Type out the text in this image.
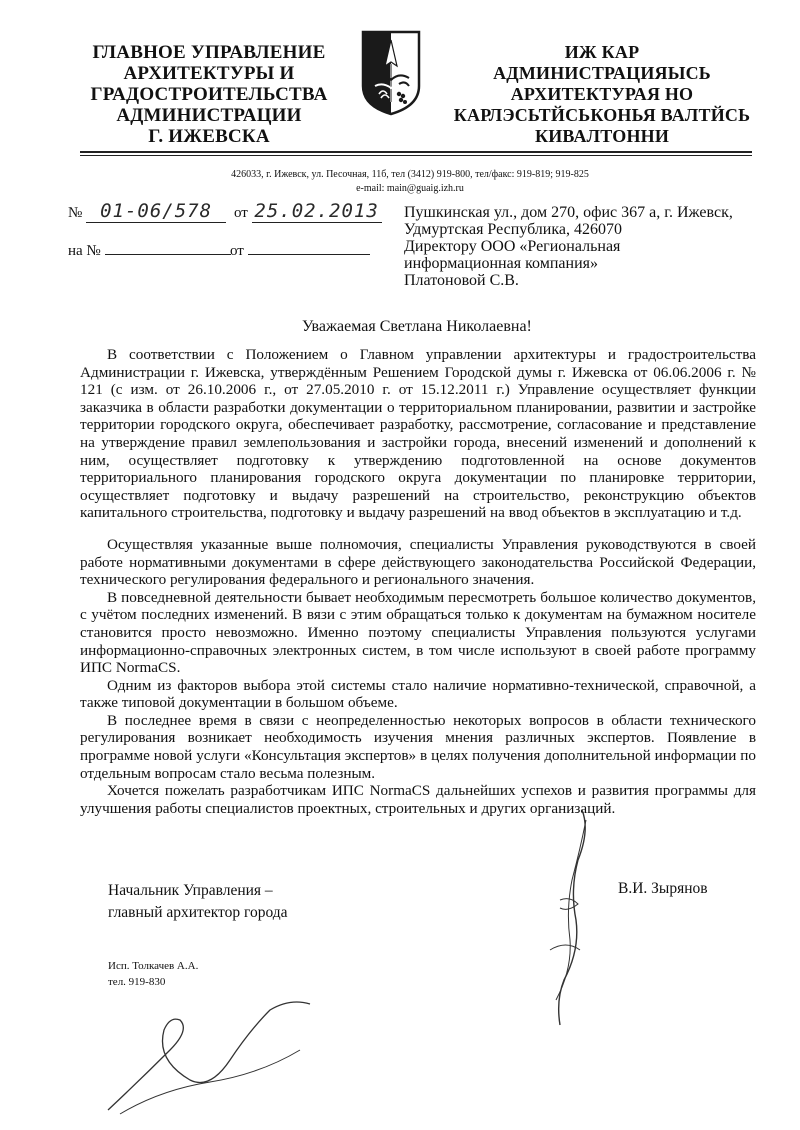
ГЛАВНОЕ УПРАВЛЕНИЕ
АРХИТЕКТУРЫ И
ГРАДОСТРОИТЕЛЬСТВА
АДМИНИСТРАЦИИ
Г. ИЖЕВСКА
ИЖ КАР
АДМИНИСТРАЦИЯЫСЬ
АРХИТЕКТУРАЯ НО
КАРЛЭСЬТЙСЬКОНЬЯ ВАЛТЙСЬ
КИВАЛТОННИ
426033, г. Ижевск, ул. Песочная, 11б, тел (3412) 919-800, тел/факс: 919-819; 919-825
e-mail: main@guaig.izh.ru
№ 01-06/578	от 25.02.2013
на №	от
Пушкинская ул., дом 270, офис 367 а, г. Ижевск,
Удмуртская Республика, 426070
Директору ООО «Региональная
информационная компания»
Платоновой С.В.
Уважаемая Светлана Николаевна!

В соответствии с Положением о Главном управлении архитектуры и градостроительства Администрации г. Ижевска, утверждённым Решением Городской думы г. Ижевска от 06.06.2006 г. № 121 (с изм. от 26.10.2006 г., от 27.05.2010 г. от 15.12.2011 г.) Управление осуществляет функции заказчика в области разработки документации о территориальном планировании, развитии и застройке территории городского округа, обеспечивает разработку, рассмотрение, согласование и представление на утверждение правил землепользования и застройки города, внесений изменений и дополнений к ним, осуществляет подготовку к утверждению подготовленной на основе документов территориального планирования городского округа документации по планировке территории, осуществляет подготовку и выдачу разрешений на строительство, реконструкцию объектов капитального строительства, подготовку и выдачу разрешений на ввод объектов в эксплуатацию и т.д.

Осуществляя указанные выше полномочия, специалисты Управления руководствуются в своей работе нормативными документами в сфере действующего законодательства Российской Федерации, технического регулирования федерального и регионального значения.

В повседневной деятельности бывает необходимым пересмотреть большое количество документов, с учётом последних изменений. В вязи с этим обращаться только к документам на бумажном носителе становится просто невозможно. Именно поэтому специалисты Управления пользуются услугами информационно-справочных электронных систем, в том числе используют в своей работе программу ИПС NormaCS.

Одним из факторов выбора этой системы стало наличие нормативно-технической, справочной, а также типовой документации в большом объеме.

В последнее время в связи с неопределенностью некоторых вопросов в области технического регулирования возникает необходимость изучения мнения различных экспертов. Появление в программе новой услуги «Консультация экспертов» в целях получения дополнительной информации по отдельным вопросам стало весьма полезным.

Хочется пожелать разработчикам ИПС NormaCS дальнейших успехов и развития программы для улучшения работы специалистов проектных, строительных и других организаций.

Начальник Управления –
главный архитектор города
В.И. Зырянов
Исп. Толкачев А.А.
тел. 919-830
